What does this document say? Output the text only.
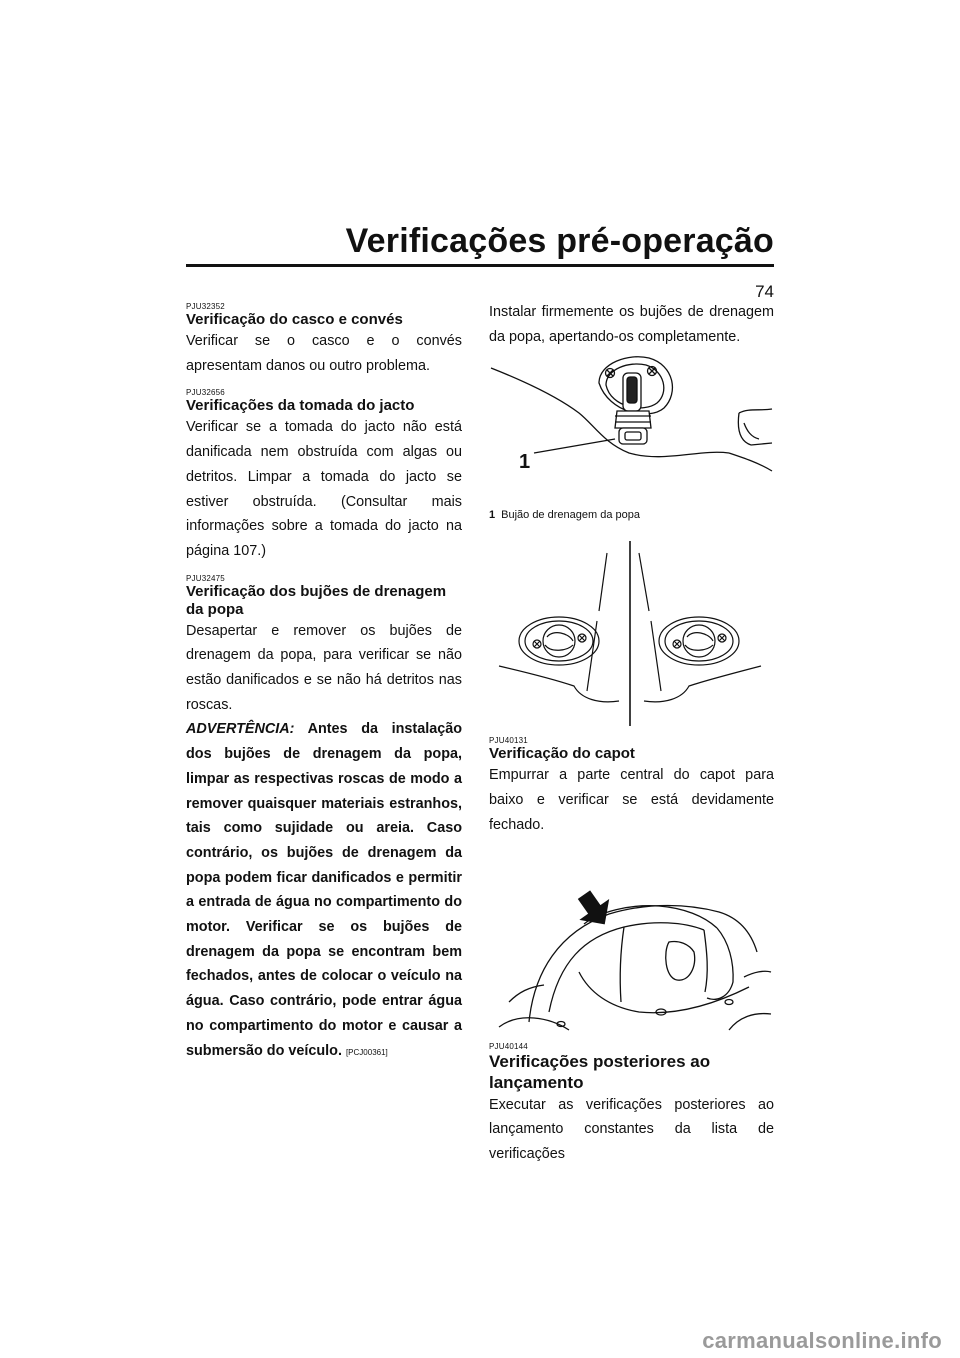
Verificações pré-operação
74
PJU32352
Verificação do casco e convés

Verificar se o casco e o convés apresentam danos ou outro problema.

PJU32656
Verificações da tomada do jacto

Verificar se a tomada do jacto não está danificada nem obstruída com algas ou detritos. Limpar a tomada do jacto se estiver obstruída. (Consultar mais informações sobre a tomada do jacto na página 107.)

PJU32475
Verificação dos bujões de drenagem da popa

Desapertar e remover os bujões de drenagem da popa, para verificar se não estão danificados e se não há detritos nas roscas.

ADVERTÊNCIA: Antes da instalação dos bujões de drenagem da popa, limpar as respectivas roscas de modo a remover quaisquer materiais estranhos, tais como sujidade ou areia. Caso contrário, os bujões de drenagem da popa podem ficar danificados e permitir a entrada de água no compartimento do motor. Verificar se os bujões de drenagem da popa se encontram bem fechados, antes de colocar o veículo na água. Caso contrário, pode entrar água no compartimento do motor e causar a submersão do veículo. [PCJ00361]

Instalar firmemente os bujões de drenagem da popa, apertando-os completamente.

1
1 Bujão de drenagem da popa
PJU40131
Verificação do capot

Empurrar a parte central do capot para baixo e verificar se está devidamente fechado.

PJU40144
Verificações posteriores ao lançamento

Executar as verificações posteriores ao lançamento constantes da lista de verificações

carmanualsonline.info
